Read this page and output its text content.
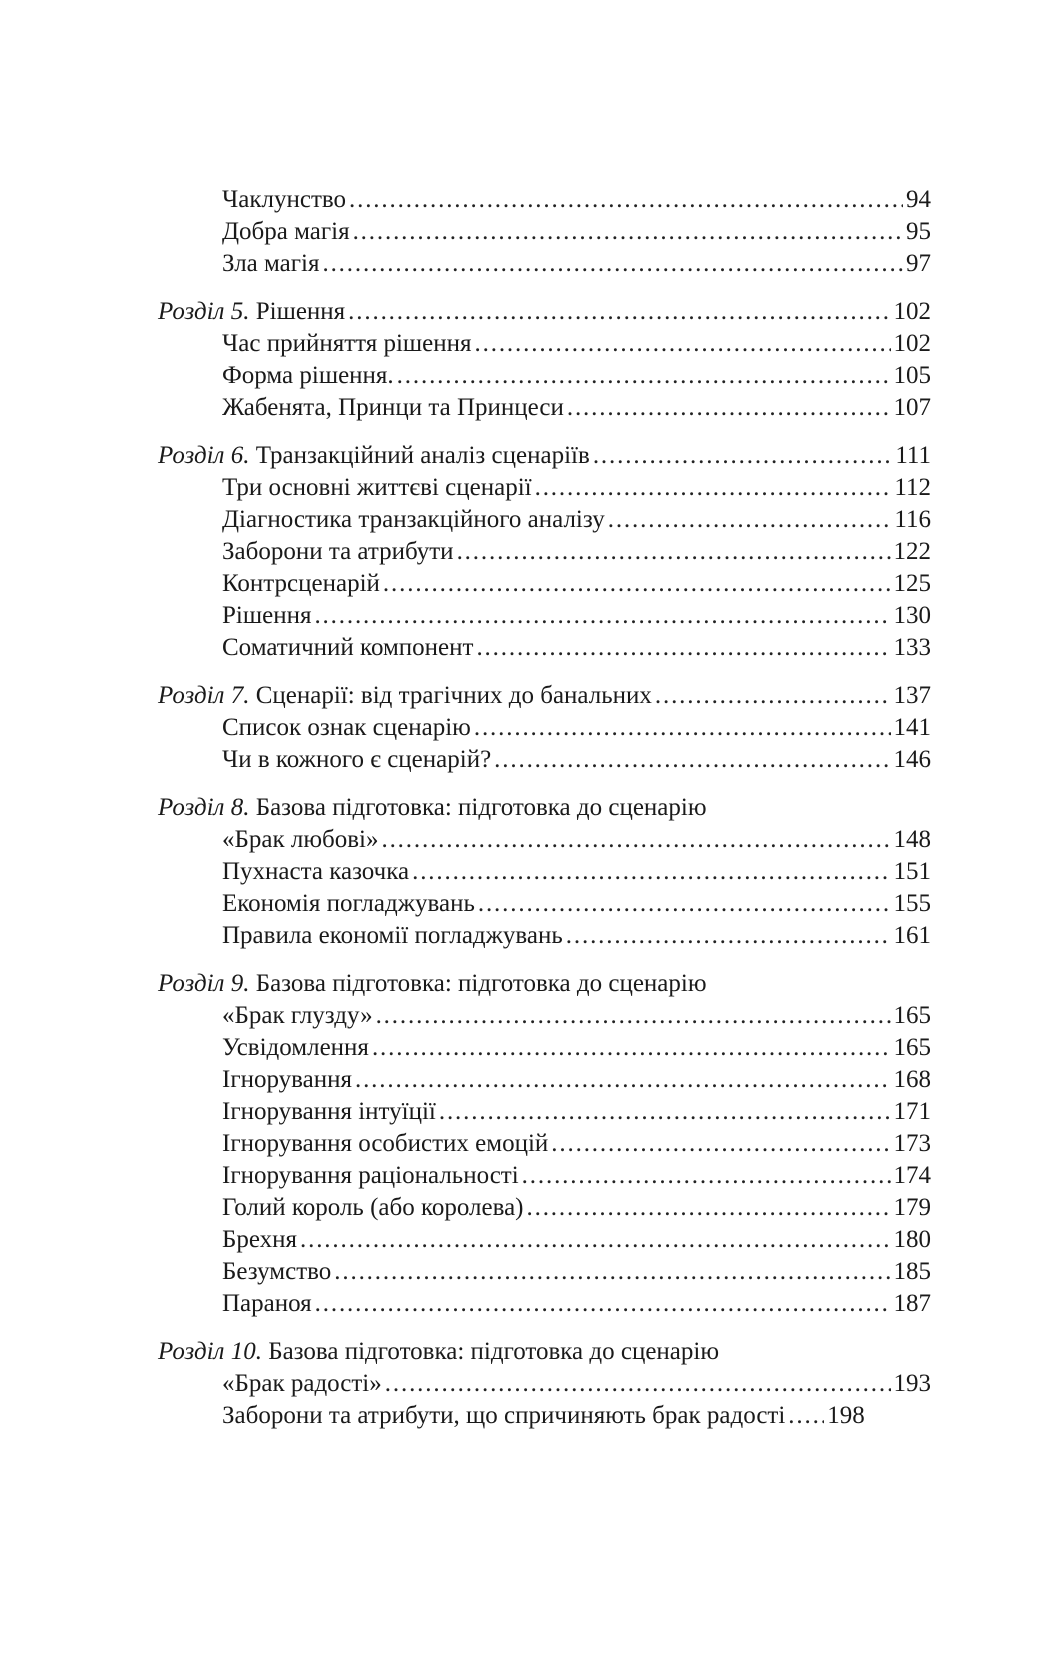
Чаклунство . . .	94
Добра магія . . .	95
Зла магія . . .	97
Розділ 5. Рішення . . .	102
Час прийняття рішення . . .	102
Форма рішення. . . .	105
Жабенята, Принци та Принцеси . . .	107
Розділ 6. Транзакційний аналіз сценаріїв . . .	111
Три основні життєві сценарії . . .	112
Діагностика транзакційного аналізу . . .	116
Заборони та атрибути . . .	122
Контрсценарій . . .	125
Рішення . . .	130
Соматичний компонент . . .	133
Розділ 7. Сценарії: від трагічних до банальних . . .	137
Список ознак сценарію . . .	141
Чи в кожного є сценарій? . . .	146
Розділ 8. Базова підготовка: підготовка до сценарію
«Брак любові» . . .	148
Пухнаста казочка . . .	151
Економія погладжувань . . .	155
Правила економії погладжувань . . .	161
Розділ 9. Базова підготовка: підготовка до сценарію
«Брак глузду» . . .	165
Усвідомлення . . .	165
Ігнорування . . .	168
Ігнорування інтуїції . . .	171
Ігнорування особистих емоцій . . .	173
Ігнорування раціональності . . .	174
Голий король (або королева) . . .	179
Брехня . . .	180
Безумство . . .	185
Параноя . . .	187
Розділ 10. Базова підготовка: підготовка до сценарію
«Брак радості» . . .	193
Заборони та атрибути, що спричиняють брак радості . . . 198
